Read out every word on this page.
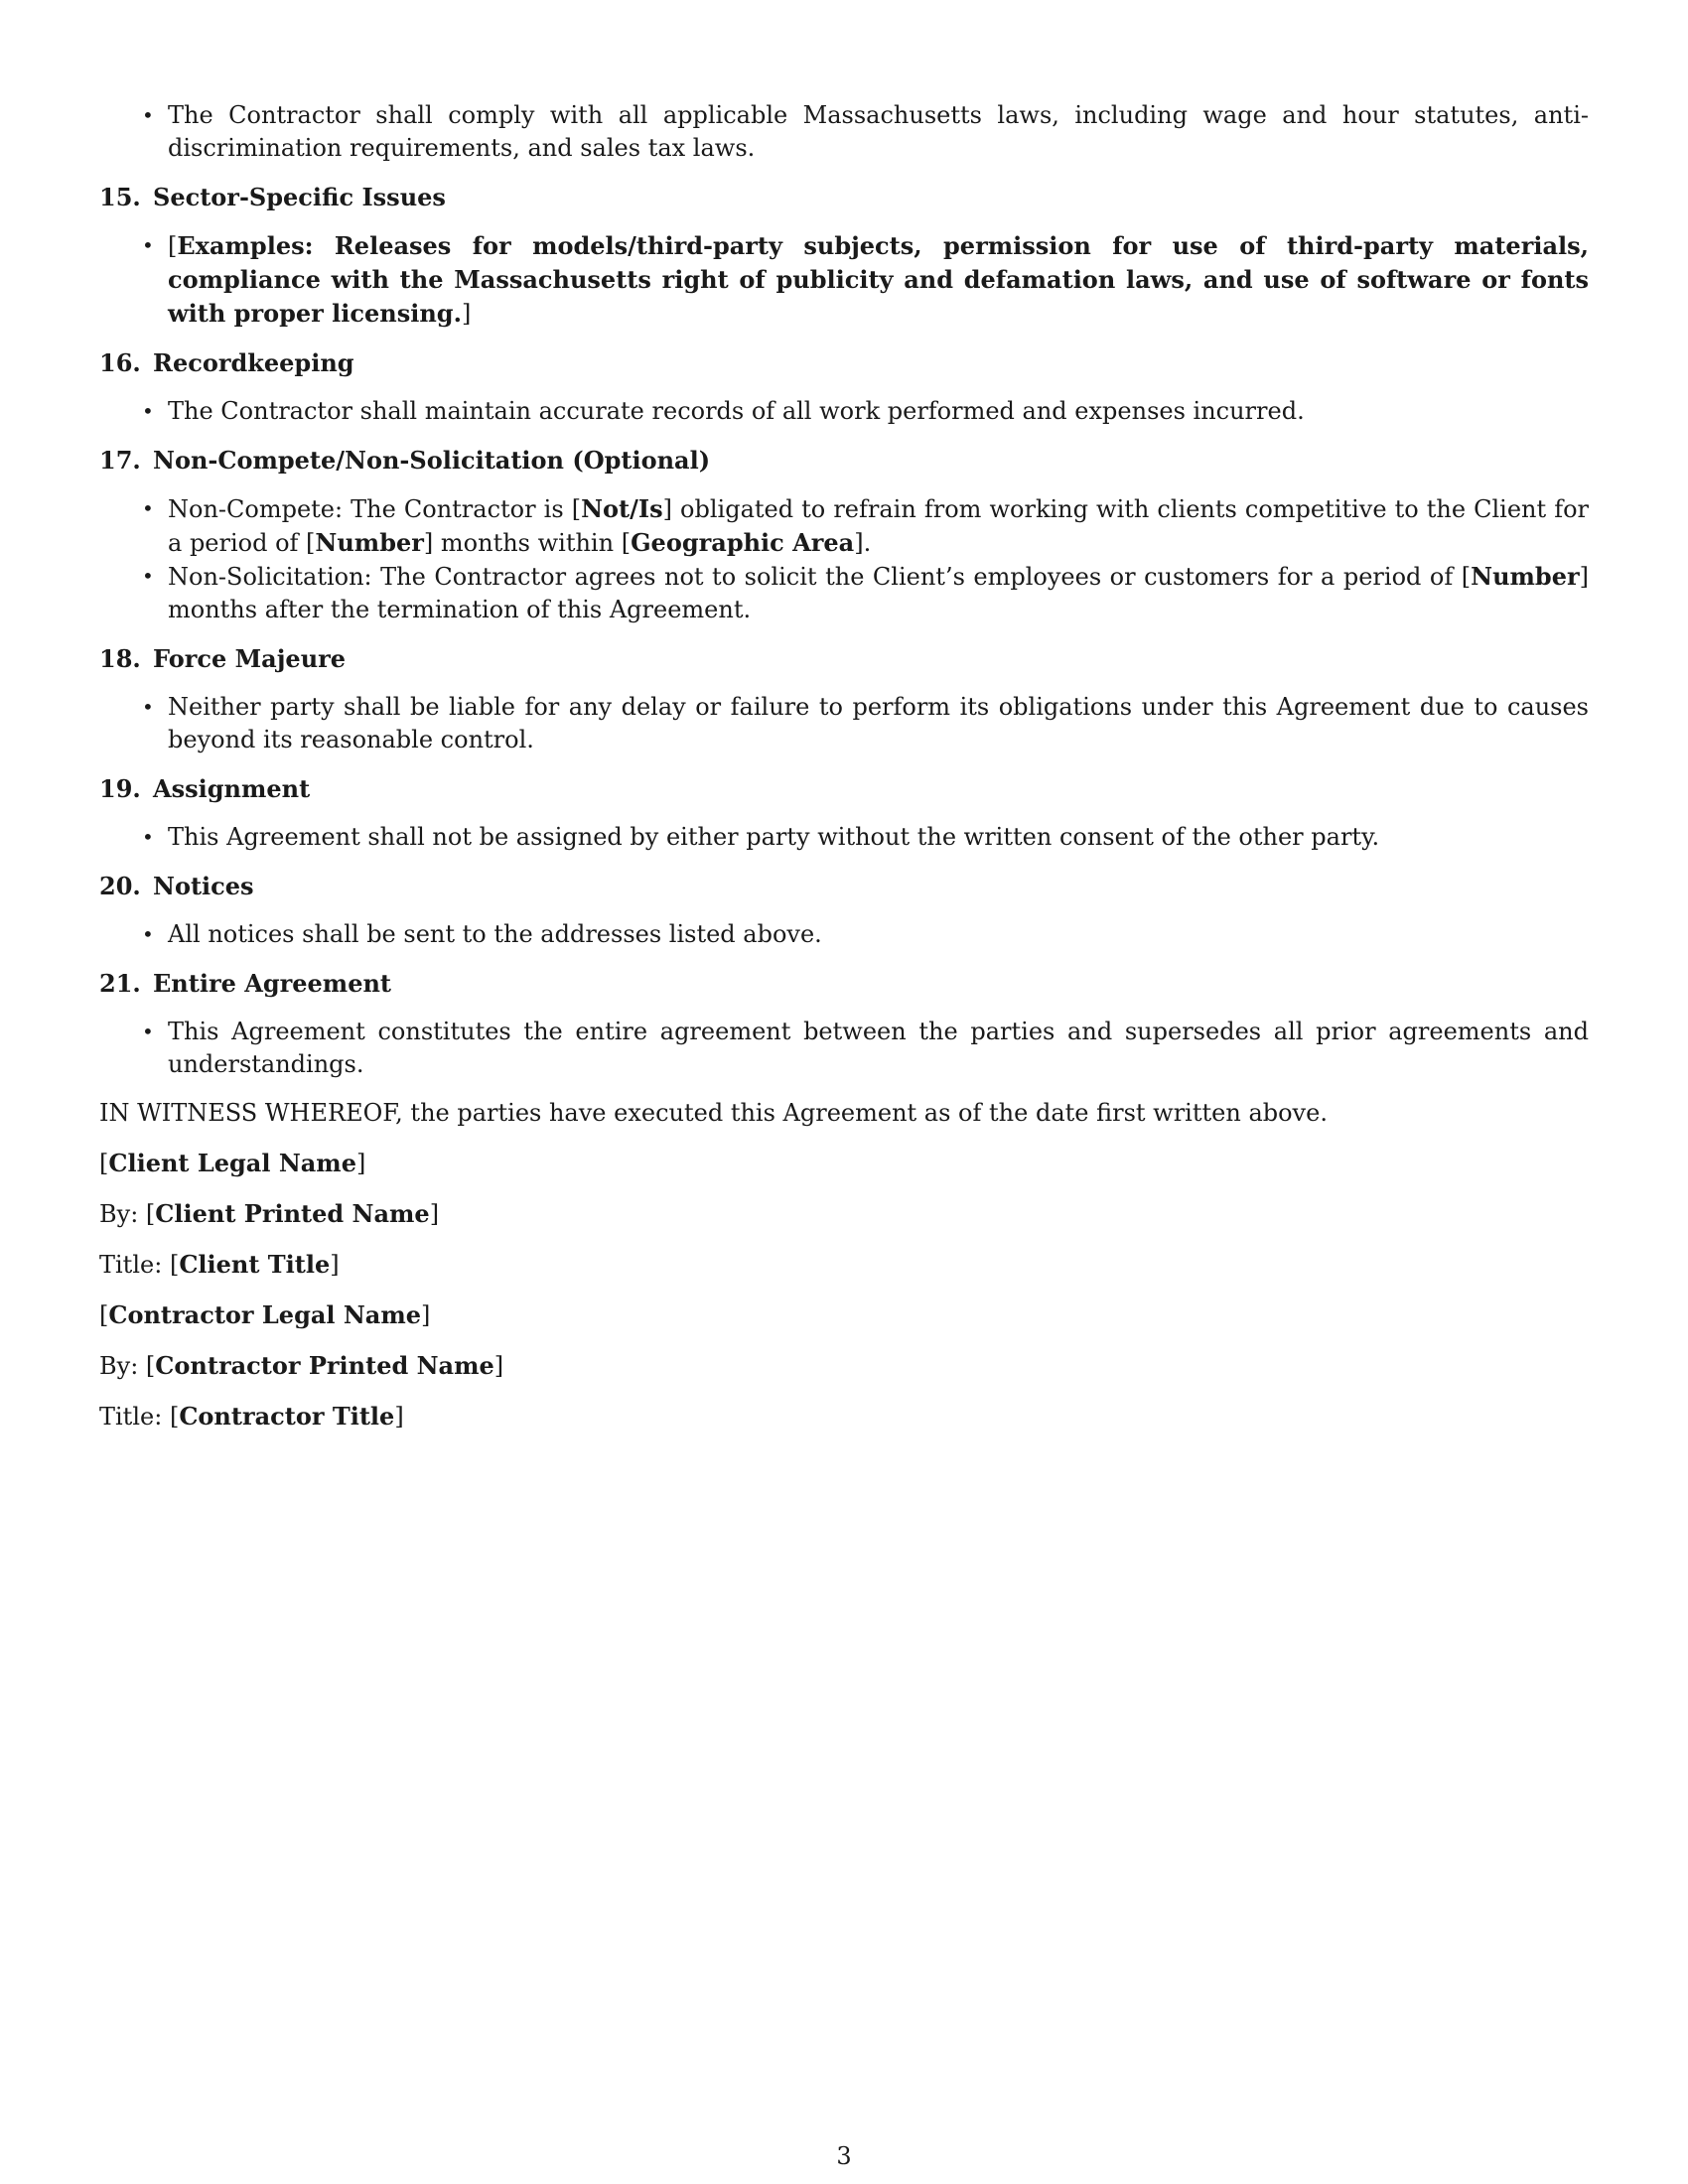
• The Contractor shall comply with all applicable Massachusetts laws, including wage and hour statutes, anti-discrimination requirements, and sales tax laws.

15. Sector-Specific Issues

• [Examples: Releases for models/third-party subjects, permission for use of third-party materials, compliance with the Massachusetts right of publicity and defamation laws, and use of software or fonts with proper licensing.]

16. Recordkeeping

• The Contractor shall maintain accurate records of all work performed and expenses incurred.

17. Non-Compete/Non-Solicitation (Optional)

• Non-Compete: The Contractor is [Not/Is] obligated to refrain from working with clients competitive to the Client for a period of [Number] months within [Geographic Area].

• Non-Solicitation: The Contractor agrees not to solicit the Client’s employees or customers for a period of [Number] months after the termination of this Agreement.

18. Force Majeure

• Neither party shall be liable for any delay or failure to perform its obligations under this Agreement due to causes beyond its reasonable control.

19. Assignment

• This Agreement shall not be assigned by either party without the written consent of the other party.

20. Notices

• All notices shall be sent to the addresses listed above.

21. Entire Agreement

• This Agreement constitutes the entire agreement between the parties and supersedes all prior agreements and understandings.

IN WITNESS WHEREOF, the parties have executed this Agreement as of the date first written above.

[Client Legal Name]

By: [Client Printed Name]

Title: [Client Title]

[Contractor Legal Name]

By: [Contractor Printed Name]

Title: [Contractor Title]

3
